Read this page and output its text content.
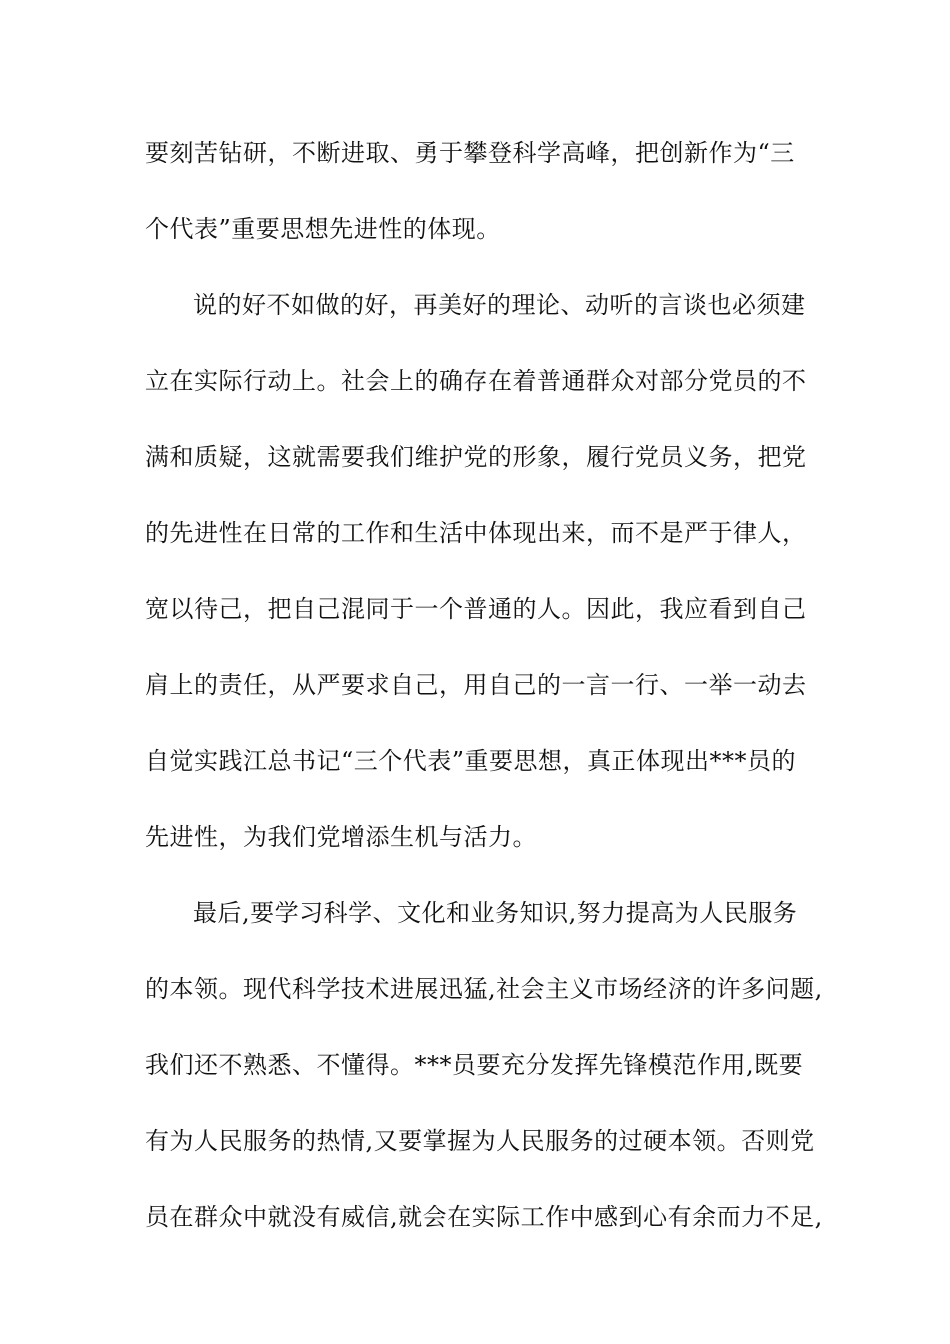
要刻苦钻研，不断进取、勇于攀登科学高峰，把创新作为“三
个代表”重要思想先进性的体现。
说的好不如做的好，再美好的理论、动听的言谈也必须建
立在实际行动上。社会上的确存在着普通群众对部分党员的不
满和质疑，这就需要我们维护党的形象，履行党员义务，把党
的先进性在日常的工作和生活中体现出来，而不是严于律人，
宽以待己，把自己混同于一个普通的人。因此，我应看到自己
肩上的责任，从严要求自己，用自己的一言一行、一举一动去
自觉实践江总书记“三个代表”重要思想，真正体现出***员的
先进性，为我们党增添生机与活力。
最后,要学习科学、文化和业务知识,努力提高为人民服务
的本领。现代科学技术进展迅猛,社会主义市场经济的许多问题,
我们还不熟悉、不懂得。***员要充分发挥先锋模范作用,既要
有为人民服务的热情,又要掌握为人民服务的过硬本领。否则党
员在群众中就没有威信,就会在实际工作中感到心有余而力不足,
